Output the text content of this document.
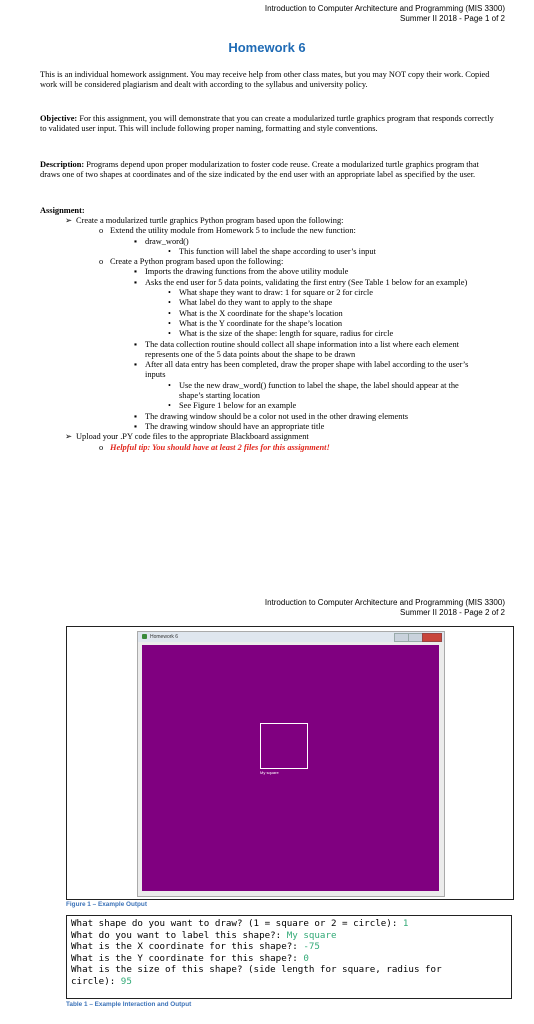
Introduction to Computer Architecture and Programming (MIS 3300)
Summer II 2018 - Page 1 of 2
Homework 6
This is an individual homework assignment. You may receive help from other class mates, but you may NOT copy their work. Copied work will be considered plagiarism and dealt with according to the syllabus and university policy.
Objective: For this assignment, you will demonstrate that you can create a modularized turtle graphics program that responds correctly to validated user input. This will include following proper naming, formatting and style conventions.
Description: Programs depend upon proper modularization to foster code reuse. Create a modularized turtle graphics program that draws one of two shapes at coordinates and of the size indicated by the end user with an appropriate label as specified by the user.
Assignment:
➢ Create a modularized turtle graphics Python program based upon the following:
o Extend the utility module from Homework 5 to include the new function:
▪ draw_word()
• This function will label the shape according to user’s input
o Create a Python program based upon the following:
▪ Imports the drawing functions from the above utility module
▪ Asks the end user for 5 data points, validating the first entry (See Table 1 below for an example)
• What shape they want to draw: 1 for square or 2 for circle
• What label do they want to apply to the shape
• What is the X coordinate for the shape’s location
• What is the Y coordinate for the shape’s location
• What is the size of the shape: length for square, radius for circle
▪ The data collection routine should collect all shape information into a list where each element represents one of the 5 data points about the shape to be drawn
▪ After all data entry has been completed, draw the proper shape with label according to the user’s inputs
• Use the new draw_word() function to label the shape, the label should appear at the shape’s starting location
• See Figure 1 below for an example
▪ The drawing window should be a color not used in the other drawing elements
▪ The drawing window should have an appropriate title
➢ Upload your .PY code files to the appropriate Blackboard assignment
o Helpful tip: You should have at least 2 files for this assignment!
Introduction to Computer Architecture and Programming (MIS 3300)
Summer II 2018 - Page 2 of 2
Homework 6
My square
Figure 1 – Example Output
What shape do you want to draw? (1 = square or 2 = circle): 1
What do you want to label this shape?: My square
What is the X coordinate for this shape?: -75
What is the Y coordinate for this shape?: 0
What is the size of this shape? (side length for square, radius for
circle): 95
Table 1 – Example Interaction and Output
